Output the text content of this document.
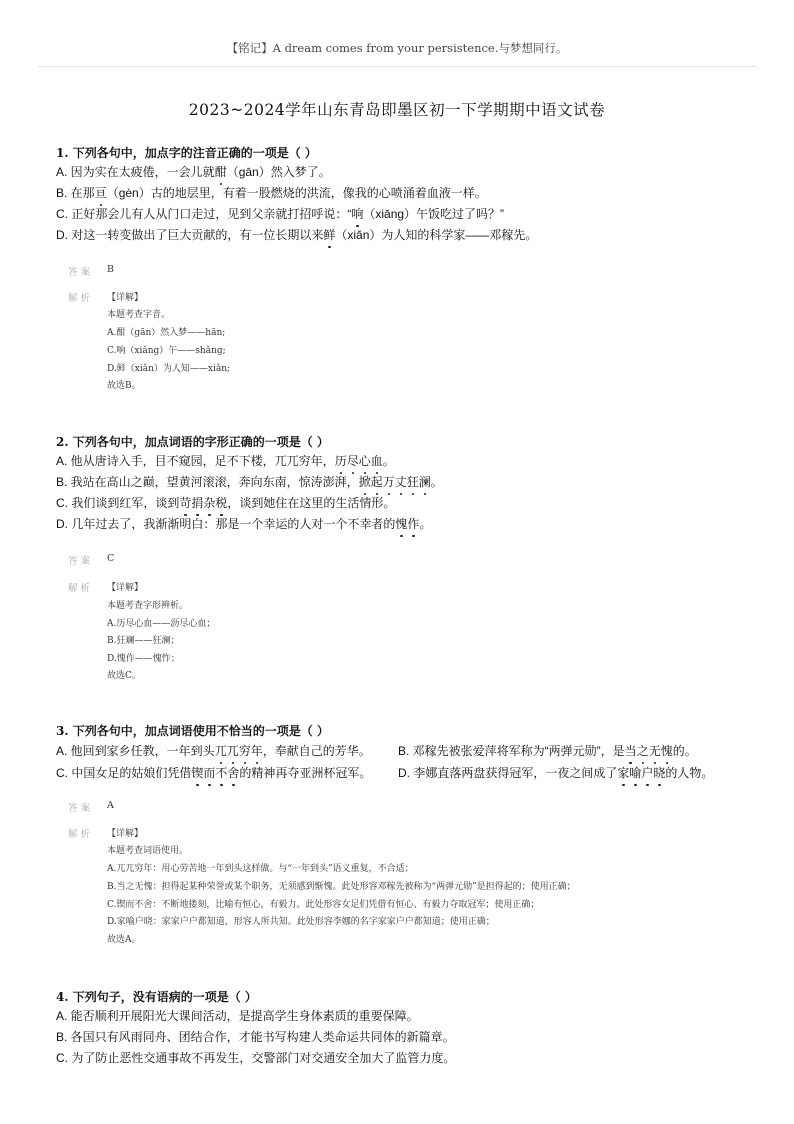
【铭记】A dream comes from your persistence.与梦想同行。
2023~2024学年山东青岛即墨区初一下学期期中语文试卷
1. 下列各句中，加点字的注音正确的一项是（ ）
A. 因为实在太疲倦，一会儿就酣（gān）然入梦了。
B. 在那亘（gèn）古的地层里，有着一股燃烧的洪流，像我的心喷涌着血液一样。
C. 正好那会儿有人从门口走过，见到父亲就打招呼说：“响（xiǎng）午饭吃过了吗？”
D. 对这一转变做出了巨大贡献的，有一位长期以来鲜（xiǎn）为人知的科学家——邓稼先。
答案 B
解析 【详解】
本题考查字音。
A.酣（gān）然入梦——hān;
C.响（xiǎng）午——shǎng;
D.鲜（xiǎn）为人知——xiǎn;
故选B。
2. 下列各句中，加点词语的字形正确的一项是（ ）
A. 他从唐诗入手，目不窥园，足不下楼，兀兀穷年，历尽心血。
B. 我站在高山之巅，望黄河滚滚，奔向东南，惊涛澎湃，掀起万丈狂澜。
C. 我们谈到红军，谈到苛捐杂税，谈到她住在这里的生活情形。
D. 几年过去了，我渐渐明白：那是一个幸运的人对一个不幸者的愧作。
答案 C
解析 【详解】
本题考查字形辨析。
A.历尽心血——沥尽心血；
B.狂斓——狂澜；
D.愧作——愧怍；
故选C。
3. 下列各句中，加点词语使用不恰当的一项是（ ）
A. 他回到家乡任教，一年到头兀兀穷年，奉献自己的芳华。 B. 邓稼先被张爱萍将军称为“两弹元勋”，是当之无愧的。
C. 中国女足的姑娘们凭借锲而不舍的精神再夺亚洲杯冠军。 D. 李娜直落两盘获得冠军，一夜之间成了家喻户晓的人物。
答案 A
解析 【详解】
本题考查词语使用。
A.兀兀穷年：用心劳苦地一年到头这样做。与“一年到头”语义重复，不合适；
B.当之无愧：担得起某种荣誉或某个职务，无须感到惭愧。此处形容邓稼先被称为“两弹元勋”是担得起的；使用正确；
C.锲而不舍：不断地搂刻，比喻有恒心，有毅力。此处形容女足们凭借有恒心、有毅力夺取冠军；使用正确；
D.家喻户晓：家家户户都知道，形容人所共知。此处形容李娜的名字家家户户都知道；使用正确；
故选A。
4. 下列句子，没有语病的一项是（ ）
A. 能否顺利开展阳光大课间活动，是提高学生身体素质的重要保障。
B. 各国只有风雨同舟、团结合作，才能书写构建人类命运共同体的新篇章。
C. 为了防止恶性交通事故不再发生，交警部门对交通安全加大了监管力度。
